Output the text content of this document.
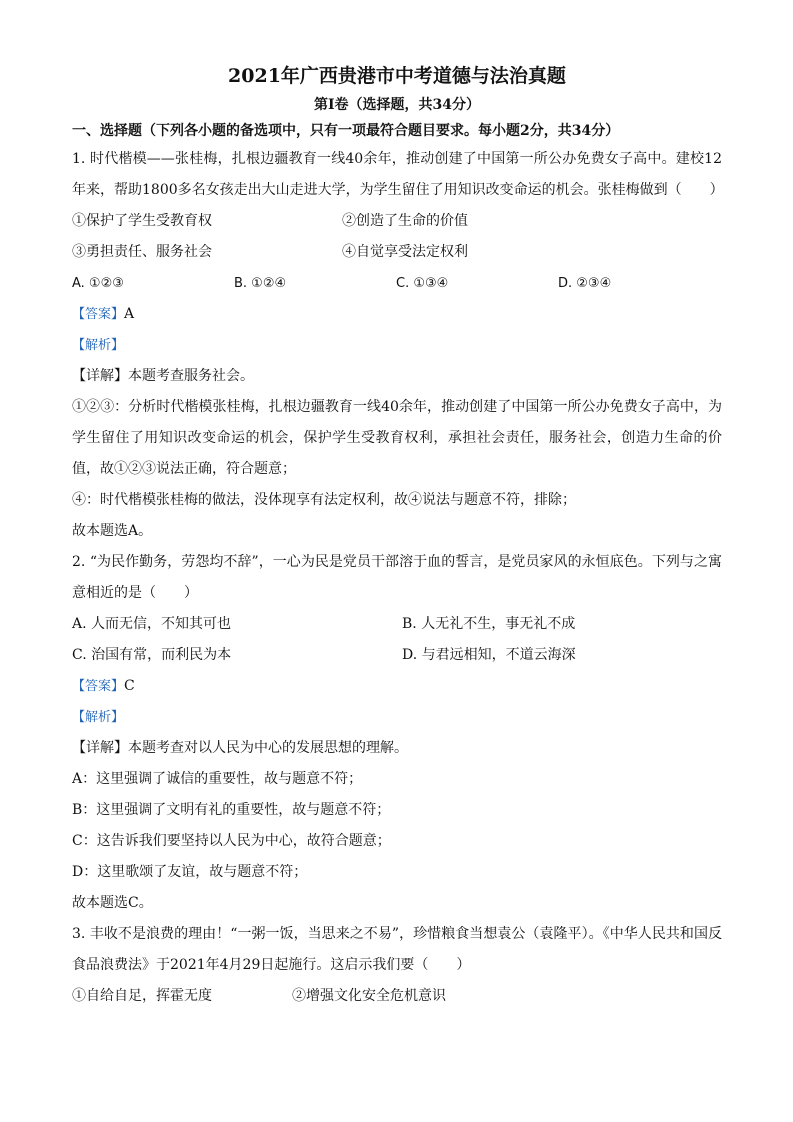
2021年广西贵港市中考道德与法治真题
第Ⅰ卷（选择题，共34分）
一、选择题（下列各小题的备选项中，只有一项最符合题目要求。每小题2分，共34分）

1. 时代楷模——张桂梅，扎根边疆教育一线40余年，推动创建了中国第一所公办免费女子高中。建校12年来，帮助1800多名女孩走出大山走进大学，为学生留住了用知识改变命运的机会。张桂梅做到（　　）

①保护了学生受教育权	②创造了生命的价值
③勇担责任、服务社会	④自觉享受法定权利
A. ①②③	B. ①②④	C. ①③④	D. ②③④

【答案】A

【解析】

【详解】本题考查服务社会。

①②③：分析时代楷模张桂梅，扎根边疆教育一线40余年，推动创建了中国第一所公办免费女子高中，为学生留住了用知识改变命运的机会，保护学生受教育权利，承担社会责任，服务社会，创造力生命的价值，故①②③说法正确，符合题意；

④：时代楷模张桂梅的做法，没体现享有法定权利，故④说法与题意不符，排除；

故本题选A。

2. “为民作勤务，劳怨均不辞”，一心为民是党员干部溶于血的誓言，是党员家风的永恒底色。下列与之寓意相近的是（　　）

A. 人而无信，不知其可也	B. 人无礼不生，事无礼不成
C. 治国有常，而利民为本	D. 与君远相知，不道云海深

【答案】C

【解析】

【详解】本题考查对以人民为中心的发展思想的理解。

A：这里强调了诚信的重要性，故与题意不符；

B：这里强调了文明有礼的重要性，故与题意不符；

C：这告诉我们要坚持以人民为中心，故符合题意；

D：这里歌颂了友谊，故与题意不符；

故本题选C。

3. 丰收不是浪费的理由！“一粥一饭，当思来之不易”，珍惜粮食当想袁公（袁隆平）。《中华人民共和国反食品浪费法》于2021年4月29日起施行。这启示我们要（　　）

①自给自足，挥霍无度	②增强文化安全危机意识
